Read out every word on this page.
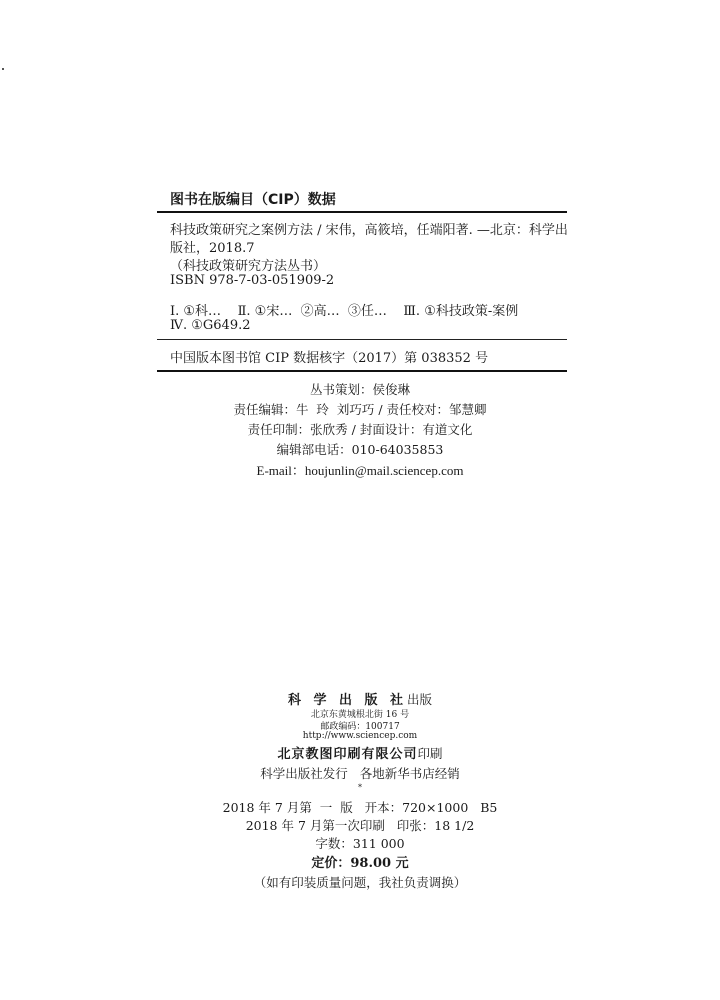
图书在版编目（CIP）数据
科技政策研究之案例方法 / 宋伟，高筱培，任端阳著. —北京：科学出
版社，2018.7
（科技政策研究方法丛书）
ISBN 978-7-03-051909-2
Ⅰ. ①科…    Ⅱ. ①宋…  ②高…  ③任…    Ⅲ. ①科技政策-案例
Ⅳ. ①G649.2
中国版本图书馆 CIP 数据核字（2017）第 038352 号
丛书策划：侯俊琳
责任编辑：牛  玲  刘巧巧 / 责任校对：邹慧卿
责任印制：张欣秀 / 封面设计：有道文化
编辑部电话：010-64035853
E-mail：houjunlin@mail.sciencep.com
科 学 出 版 社出版
北京东黄城根北街 16 号
邮政编码：100717
http://www.sciencep.com
北京教图印刷有限公司印刷
科学出版社发行   各地新华书店经销
*
2018 年 7 月第  一  版   开本：720×1000   B5
2018 年 7 月第一次印刷   印张：18 1/2
字数：311 000
定价：98.00 元
（如有印装质量问题，我社负责调换）
